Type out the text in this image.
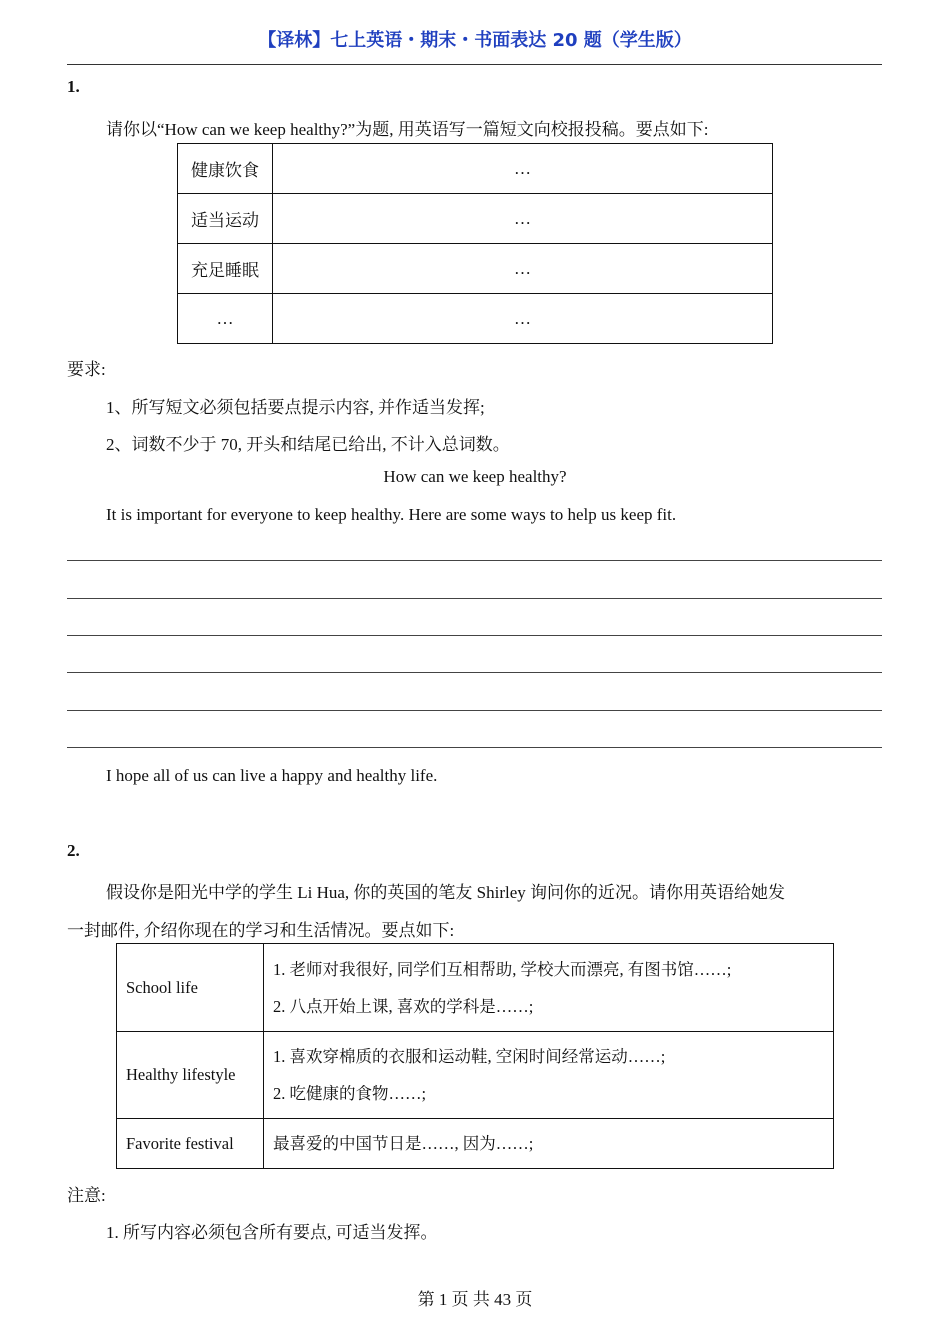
【译林】七上英语・期末・书面表达 20 题（学生版）
1.
请你以“How can we keep healthy?”为题, 用英语写一篇短文向校报投稿。要点如下:
健康饮食	…
适当运动	…
充足睡眠	…
…	…
要求:
1、所写短文必须包括要点提示内容, 并作适当发挥;
2、词数不少于 70, 开头和结尾已给出, 不计入总词数。
How can we keep healthy?
It is important for everyone to keep healthy. Here are some ways to help us keep fit.
I hope all of us can live a happy and healthy life.
2.
假设你是阳光中学的学生 Li Hua, 你的英国的笔友 Shirley 询问你的近况。请你用英语给她发
一封邮件, 介绍你现在的学习和生活情况。要点如下:
School life	1. 老师对我很好, 同学们互相帮助, 学校大而漂亮, 有图书馆……;
2. 八点开始上课, 喜欢的学科是……;

Healthy lifestyle	1. 喜欢穿棉质的衣服和运动鞋, 空闲时间经常运动……;
2. 吃健康的食物……;

Favorite festival	最喜爱的中国节日是……, 因为……;
注意:
1. 所写内容必须包含所有要点, 可适当发挥。
第 1 页 共 43 页
